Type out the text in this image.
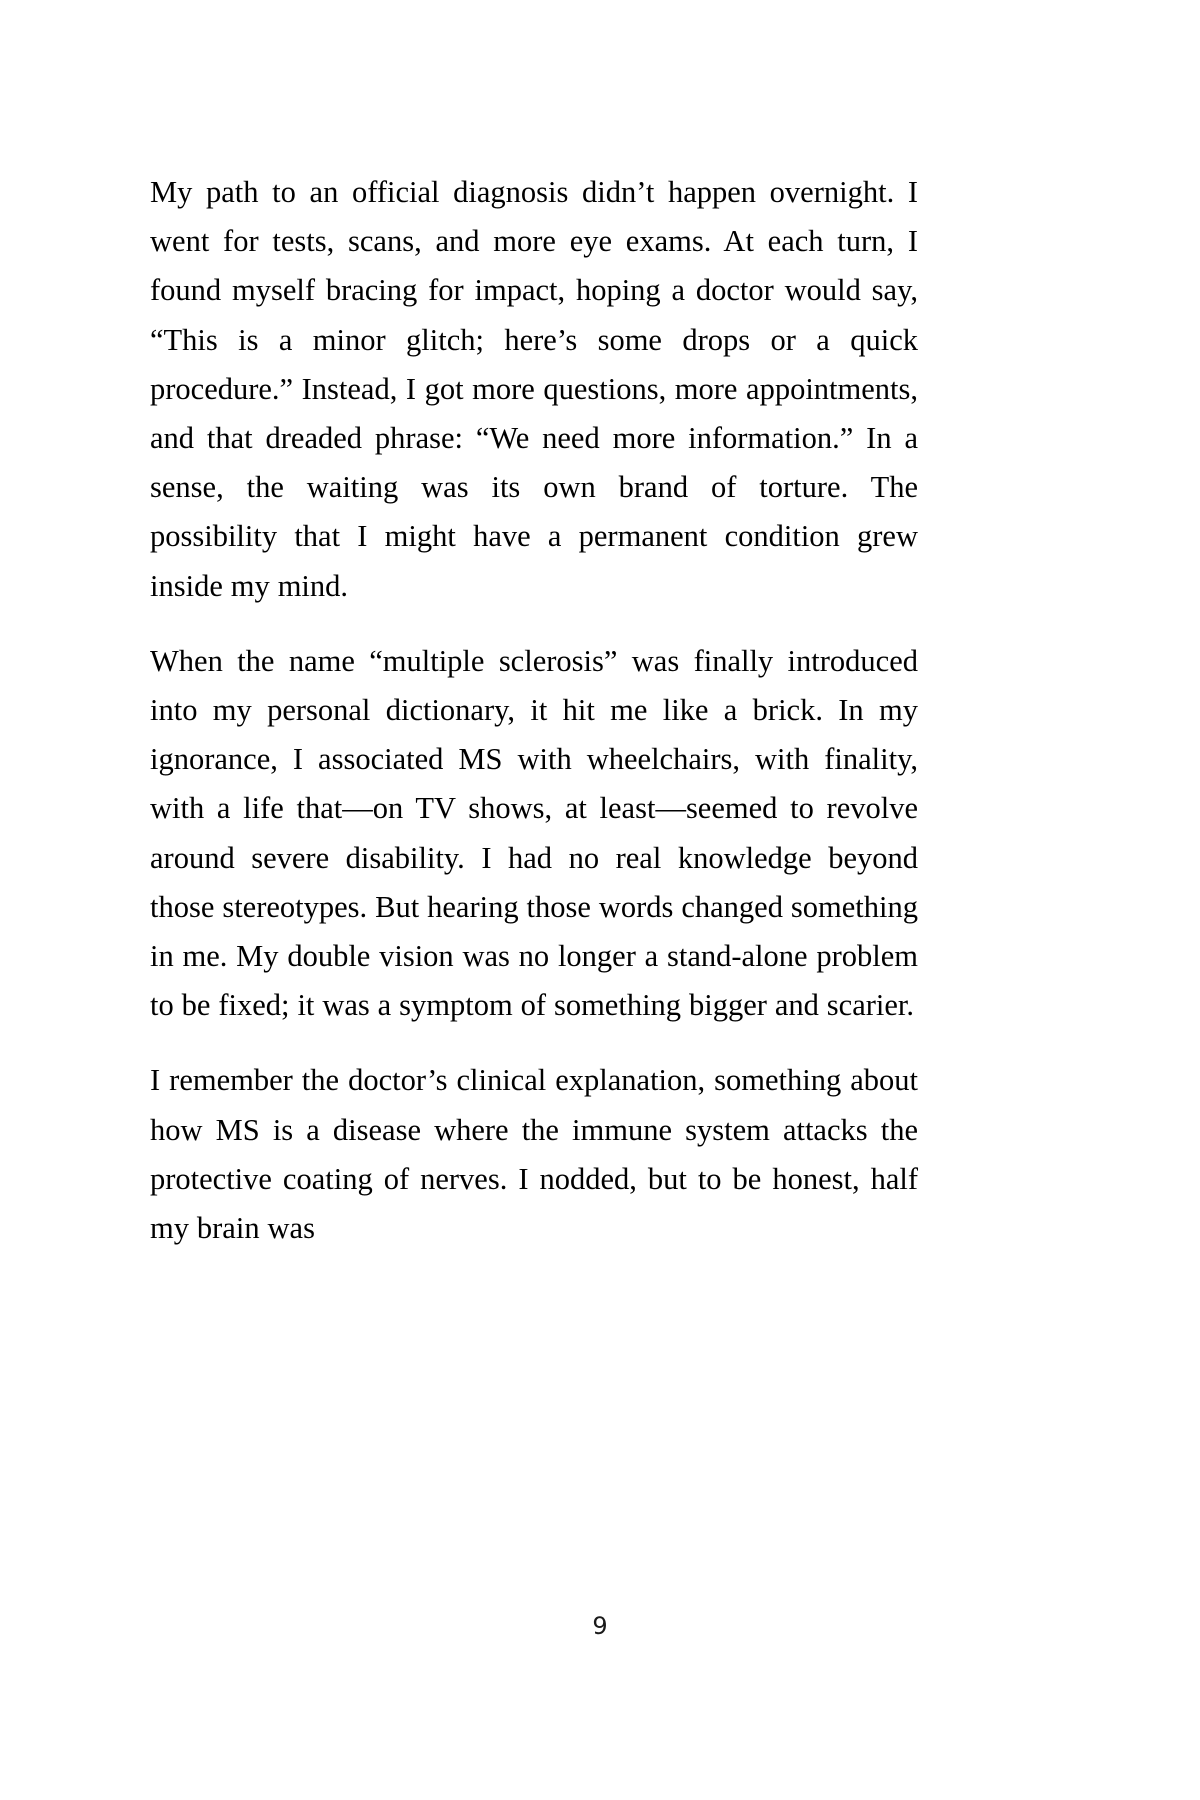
My path to an official diagnosis didn’t happen overnight. I went for tests, scans, and more eye exams. At each turn, I found myself bracing for impact, hoping a doctor would say, “This is a minor glitch; here’s some drops or a quick procedure.” Instead, I got more questions, more appointments, and that dreaded phrase: “We need more information.” In a sense, the waiting was its own brand of torture. The possibility that I might have a permanent condition grew inside my mind.

When the name “multiple sclerosis” was finally introduced into my personal dictionary, it hit me like a brick. In my ignorance, I associated MS with wheelchairs, with finality, with a life that—on TV shows, at least—seemed to revolve around severe disability. I had no real knowledge beyond those stereotypes. But hearing those words changed something in me. My double vision was no longer a stand-alone problem to be fixed; it was a symptom of something bigger and scarier.

I remember the doctor’s clinical explanation, something about how MS is a disease where the immune system attacks the protective coating of nerves. I nodded, but to be honest, half my brain was

9
